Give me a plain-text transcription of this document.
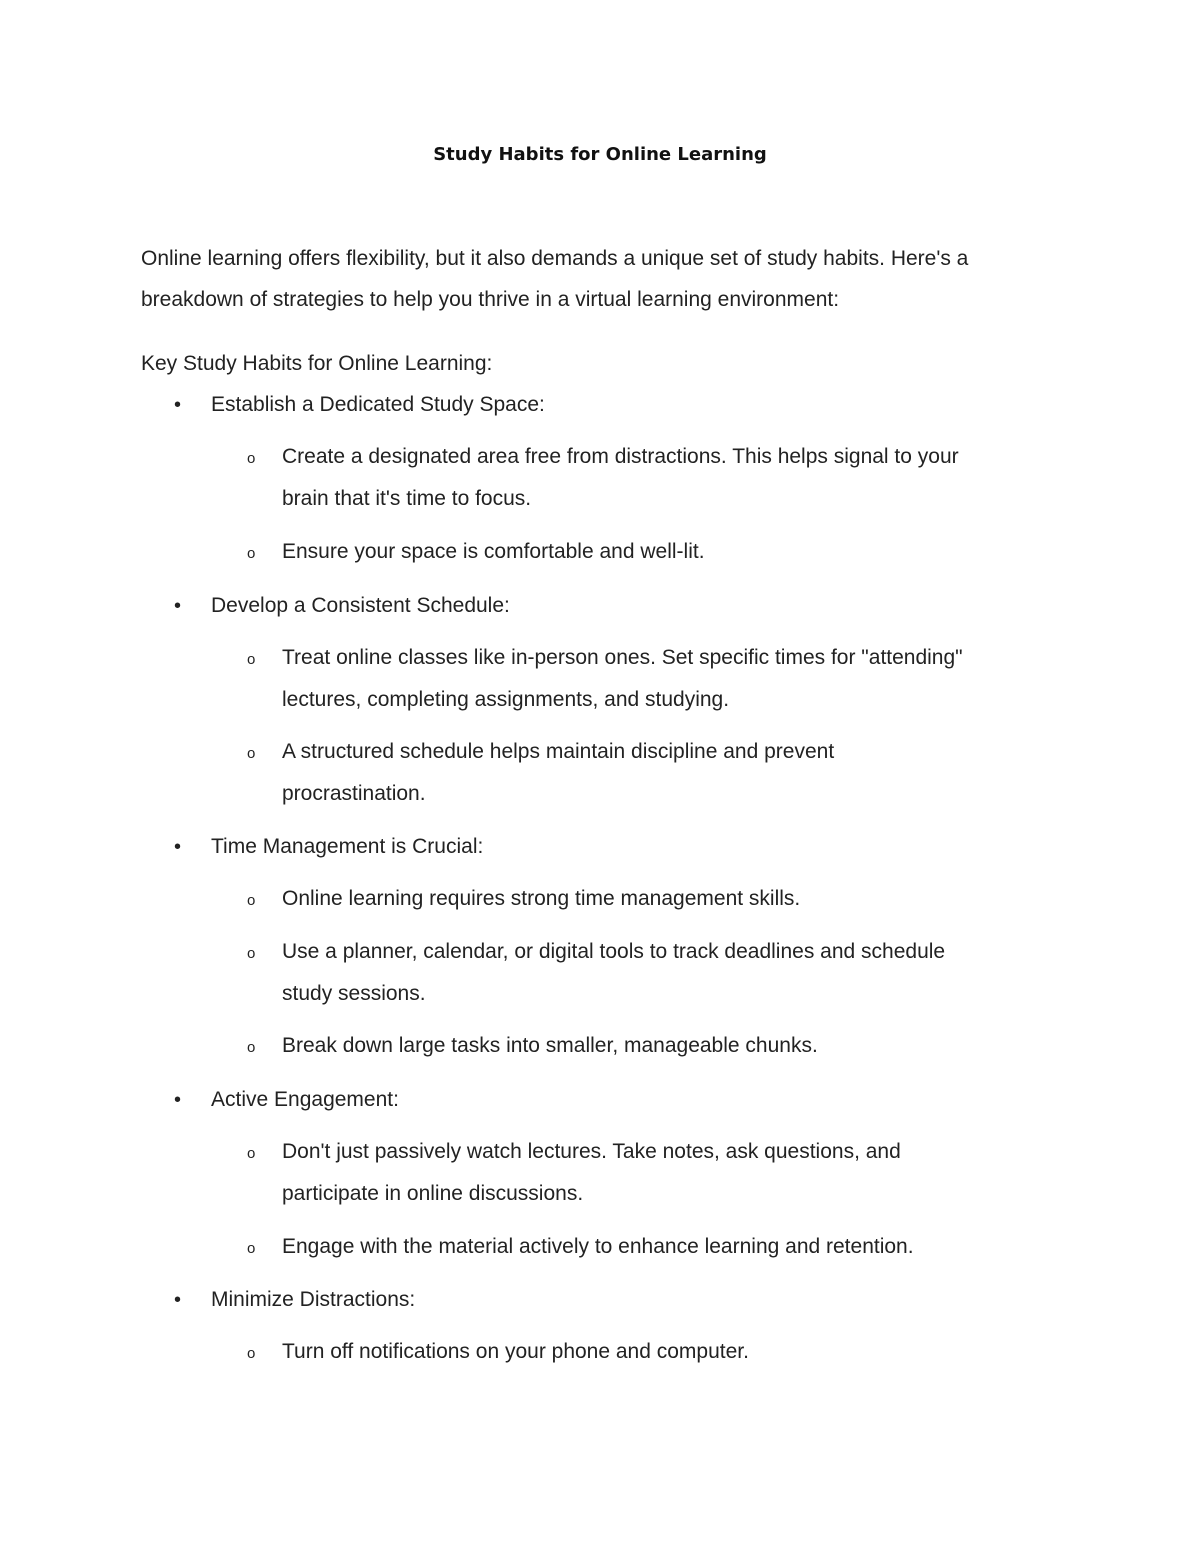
Study Habits for Online Learning

Online learning offers flexibility, but it also demands a unique set of study habits. Here's a breakdown of strategies to help you thrive in a virtual learning environment:

Key Study Habits for Online Learning:

• Establish a Dedicated Study Space:
o Create a designated area free from distractions. This helps signal to your
brain that it's time to focus.
o Ensure your space is comfortable and well-lit.
• Develop a Consistent Schedule:
o Treat online classes like in-person ones. Set specific times for "attending"
lectures, completing assignments, and studying.
o A structured schedule helps maintain discipline and prevent
procrastination.
• Time Management is Crucial:
o Online learning requires strong time management skills.
o Use a planner, calendar, or digital tools to track deadlines and schedule
study sessions.
o Break down large tasks into smaller, manageable chunks.
• Active Engagement:
o Don't just passively watch lectures. Take notes, ask questions, and
participate in online discussions.
o Engage with the material actively to enhance learning and retention.
• Minimize Distractions:
o Turn off notifications on your phone and computer.
